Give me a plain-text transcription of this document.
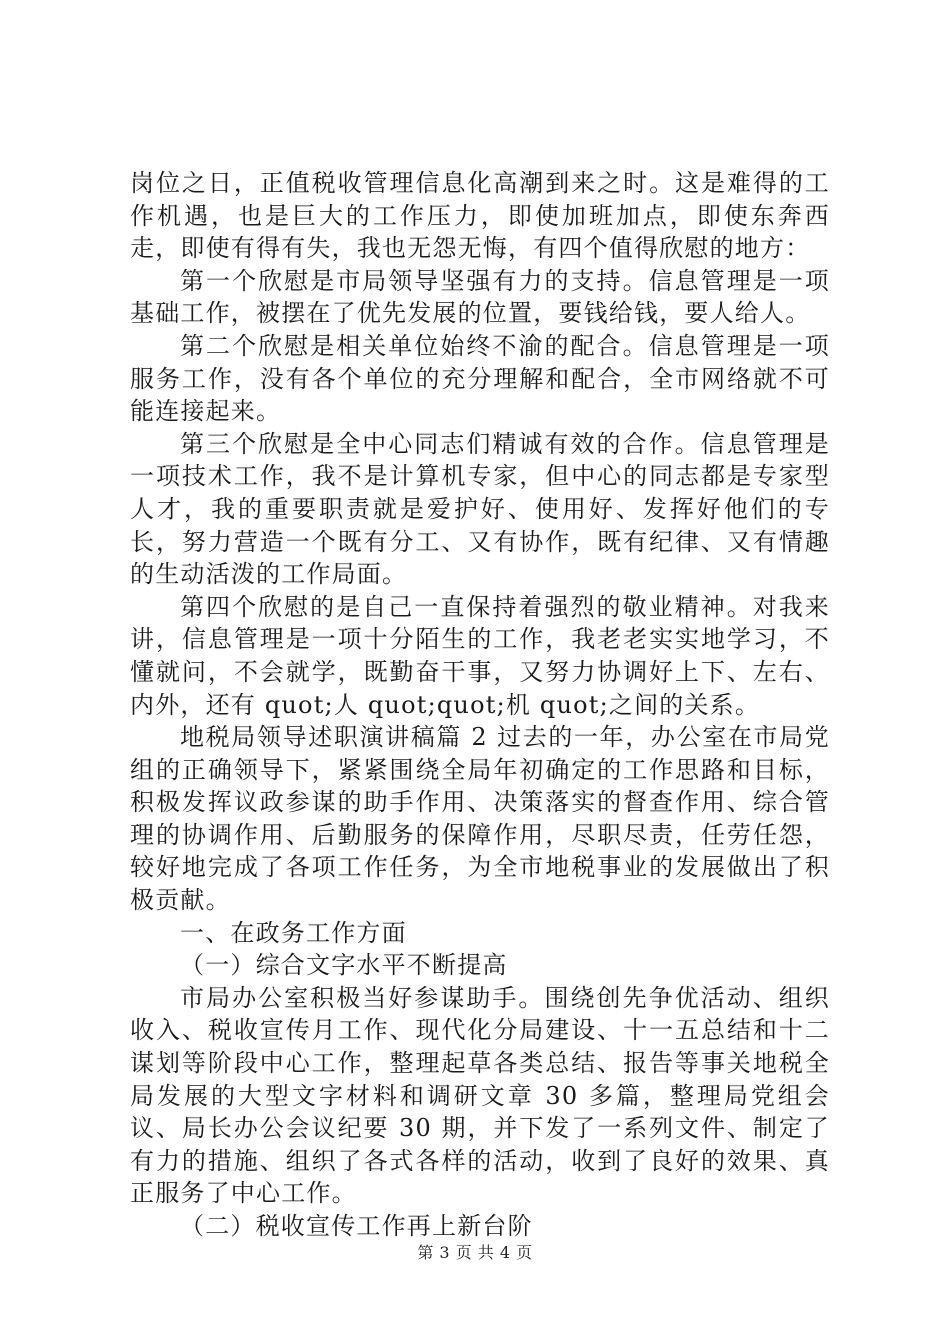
岗位之日，正值税收管理信息化高潮到来之时。这是难得的工作机遇，也是巨大的工作压力，即使加班加点，即使东奔西走，即使有得有失，我也无怨无悔，有四个值得欣慰的地方：

第一个欣慰是市局领导坚强有力的支持。信息管理是一项基础工作，被摆在了优先发展的位置，要钱给钱，要人给人。

第二个欣慰是相关单位始终不渝的配合。信息管理是一项服务工作，没有各个单位的充分理解和配合，全市网络就不可能连接起来。

第三个欣慰是全中心同志们精诚有效的合作。信息管理是一项技术工作，我不是计算机专家，但中心的同志都是专家型人才，我的重要职责就是爱护好、使用好、发挥好他们的专长，努力营造一个既有分工、又有协作，既有纪律、又有情趣的生动活泼的工作局面。

第四个欣慰的是自己一直保持着强烈的敬业精神。对我来讲，信息管理是一项十分陌生的工作，我老老实实地学习，不懂就问，不会就学，既勤奋干事，又努力协调好上下、左右、内外，还有 quot;人 quot;quot;机 quot;之间的关系。

地税局领导述职演讲稿篇 2 过去的一年，办公室在市局党组的正确领导下，紧紧围绕全局年初确定的工作思路和目标，积极发挥议政参谋的助手作用、决策落实的督查作用、综合管理的协调作用、后勤服务的保障作用，尽职尽责，任劳任怨，较好地完成了各项工作任务，为全市地税事业的发展做出了积极贡献。

一、在政务工作方面

（一）综合文字水平不断提高

市局办公室积极当好参谋助手。围绕创先争优活动、组织收入、税收宣传月工作、现代化分局建设、十一五总结和十二谋划等阶段中心工作，整理起草各类总结、报告等事关地税全局发展的大型文字材料和调研文章 30 多篇，整理局党组会议、局长办公会议纪要 30 期，并下发了一系列文件、制定了有力的措施、组织了各式各样的活动，收到了良好的效果、真正服务了中心工作。

（二）税收宣传工作再上新台阶

第 3 页 共 4 页
